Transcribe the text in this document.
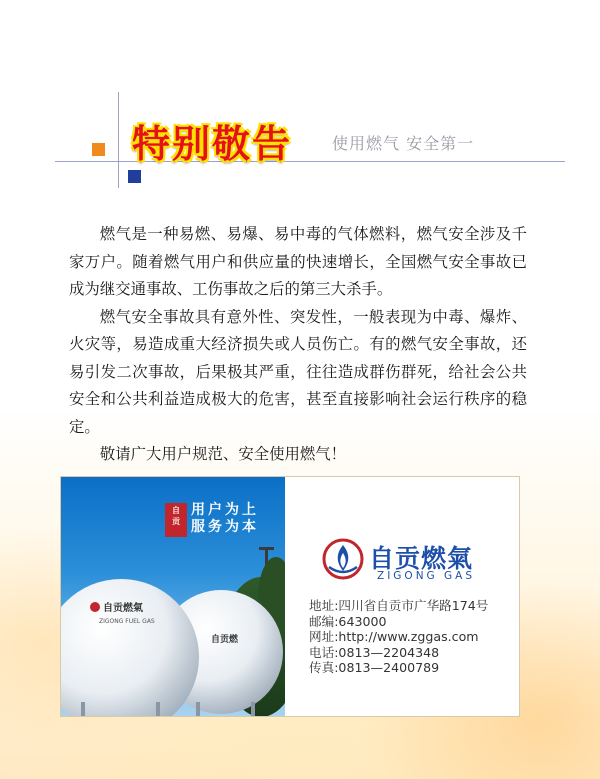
特别敬告 使用燃气 安全第一

燃气是一种易燃、易爆、易中毒的气体燃料，燃气安全涉及千家万户。随着燃气用户和供应量的快速增长，全国燃气安全事故已成为继交通事故、工伤事故之后的第三大杀手。

燃气安全事故具有意外性、突发性，一般表现为中毒、爆炸、火灾等，易造成重大经济损失或人员伤亡。有的燃气安全事故，还易引发二次事故，后果极其严重，往往造成群伤群死，给社会公共安全和公共利益造成极大的危害，甚至直接影响社会运行秩序的稳定。

敬请广大用户规范、安全使用燃气！

自贡燃
自贡燃氣
ZIGONG FUEL GAS
自
贡
用户为上
服务为本
自贡燃氣
ZIGONG GAS
地址:四川省自贡市广华路174号
邮编:643000
网址:http://www.zggas.com
电话:0813—2204348
传真:0813—2400789
